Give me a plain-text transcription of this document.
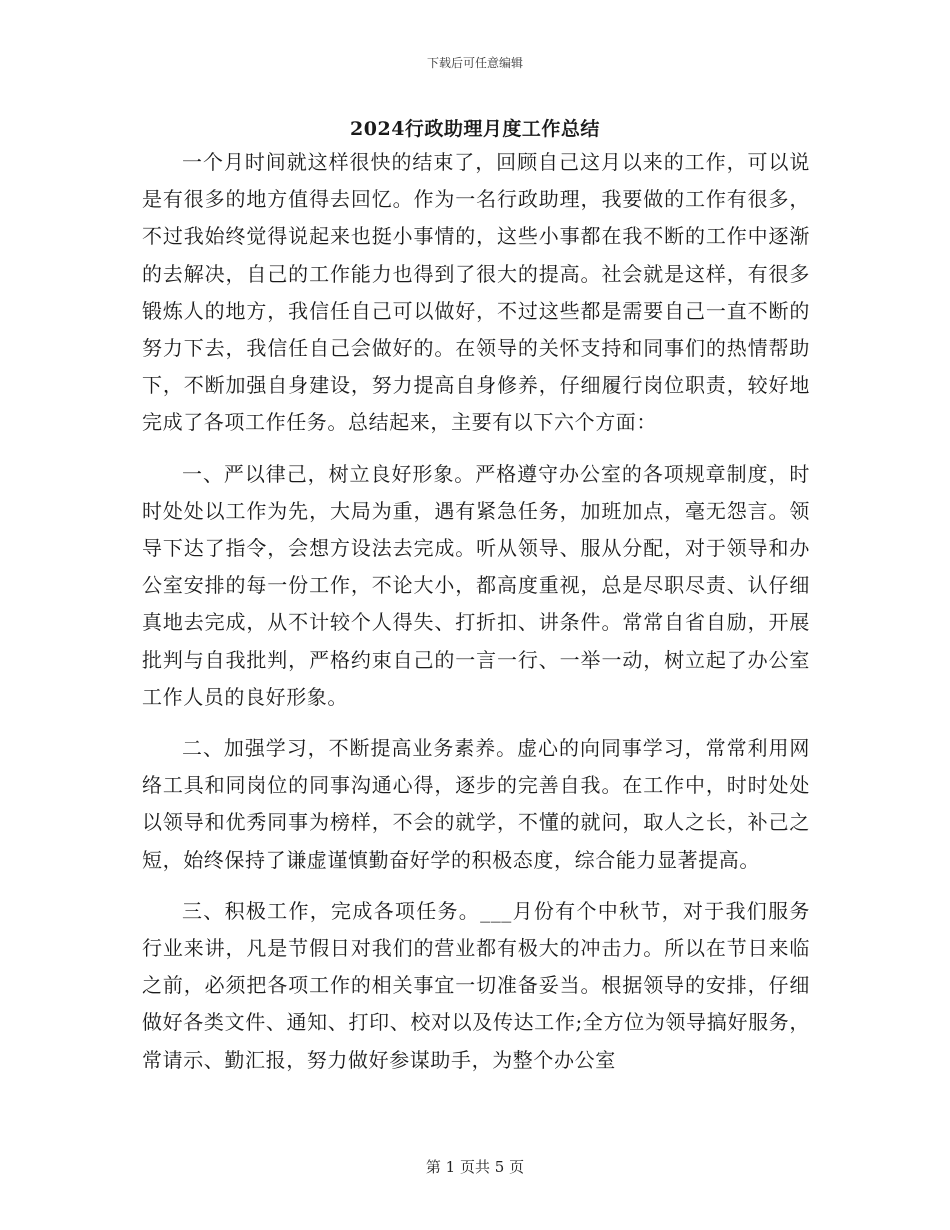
下载后可任意编辑
2024行政助理月度工作总结

一个月时间就这样很快的结束了，回顾自己这月以来的工作，可以说是有很多的地方值得去回忆。作为一名行政助理，我要做的工作有很多，不过我始终觉得说起来也挺小事情的，这些小事都在我不断的工作中逐渐的去解决，自己的工作能力也得到了很大的提高。社会就是这样，有很多锻炼人的地方，我信任自己可以做好，不过这些都是需要自己一直不断的努力下去，我信任自己会做好的。在领导的关怀支持和同事们的热情帮助下，不断加强自身建设，努力提高自身修养，仔细履行岗位职责，较好地完成了各项工作任务。总结起来，主要有以下六个方面：

一、严以律己，树立良好形象。严格遵守办公室的各项规章制度，时时处处以工作为先，大局为重，遇有紧急任务，加班加点，毫无怨言。领导下达了指令，会想方设法去完成。听从领导、服从分配，对于领导和办公室安排的每一份工作，不论大小，都高度重视，总是尽职尽责、认仔细真地去完成，从不计较个人得失、打折扣、讲条件。常常自省自励，开展批判与自我批判，严格约束自己的一言一行、一举一动，树立起了办公室工作人员的良好形象。

二、加强学习，不断提高业务素养。虚心的向同事学习，常常利用网络工具和同岗位的同事沟通心得，逐步的完善自我。在工作中，时时处处以领导和优秀同事为榜样，不会的就学，不懂的就问，取人之长，补己之短，始终保持了谦虚谨慎勤奋好学的积极态度，综合能力显著提高。

三、积极工作，完成各项任务。___月份有个中秋节，对于我们服务行业来讲，凡是节假日对我们的营业都有极大的冲击力。所以在节日来临之前，必须把各项工作的相关事宜一切准备妥当。根据领导的安排，仔细做好各类文件、通知、打印、校对以及传达工作;全方位为领导搞好服务，常请示、勤汇报，努力做好参谋助手，为整个办公室

第 1 页共 5 页
